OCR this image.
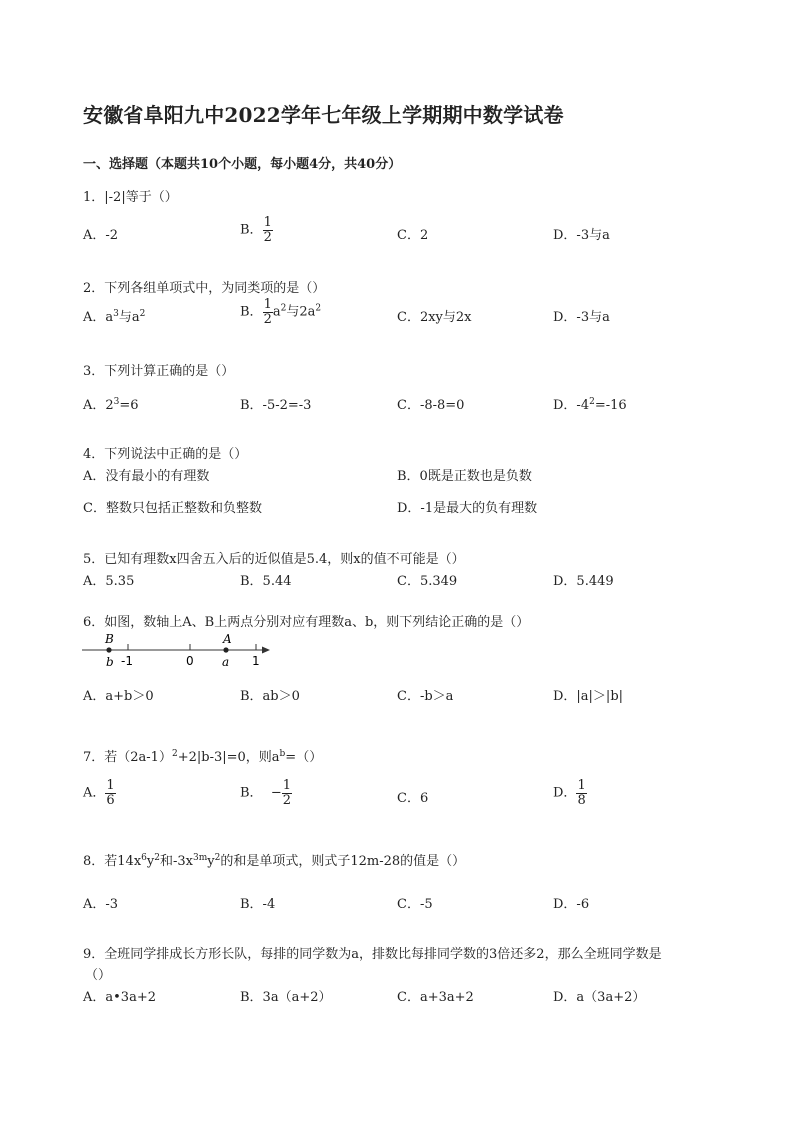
安徽省阜阳九中2022学年七年级上学期期中数学试卷
一、选择题（本题共10个小题，每小题4分，共40分）
1．|-2|等于（）
A．-2	B． $\frac{1}{2}$	C．2	D．-3与a
2．下列各组单项式中，为同类项的是（）
A．$a^3$与$a^2$	B． $\frac{1}{2} a^2$与$2a^2$
C．2xy与2x	D．-3与a
3．下列计算正确的是（）
A．$2^3=6$	B．-5-2=-3	C．-8-8=0	D．$-4^2=-16$
4．下列说法中正确的是（）
A．没有最小的有理数	B．0既是正数也是负数
C．整数只包括正整数和负整数	D．-1是最大的负有理数
5．已知有理数x四舍五入后的近似值是5.4，则x的值不可能是（）
A．5.35	B．5.44	C．5.349	D．5.449
6．如图，数轴上A、B上两点分别对应有理数a、b，则下列结论正确的是（）
B
b -1	0
A
a 1
A．a+b＞0	B．ab＞0	C．-b＞a	D．|a|＞|b|
7．若$(2a-1)^2+2|b-3|=0$，则$a^b=()$
A． $\frac{1}{6}$	B． − $\frac{1}{2}$	C．6	D． $\frac{1}{8}$
8．若$14x^6y^2$和$-3x^{3m}y^2$的和是单项式，则式子12m-28的值是（）
A．-3	B．-4	C．-5	D．-6
9．全班同学排成长方形长队，每排的同学数为a，排数比每排同学数的3倍还多2，那么全班同学数是
（）
A．a•3a+2	B．3a（a+2）	C．a+3a+2	D．a（3a+2）
